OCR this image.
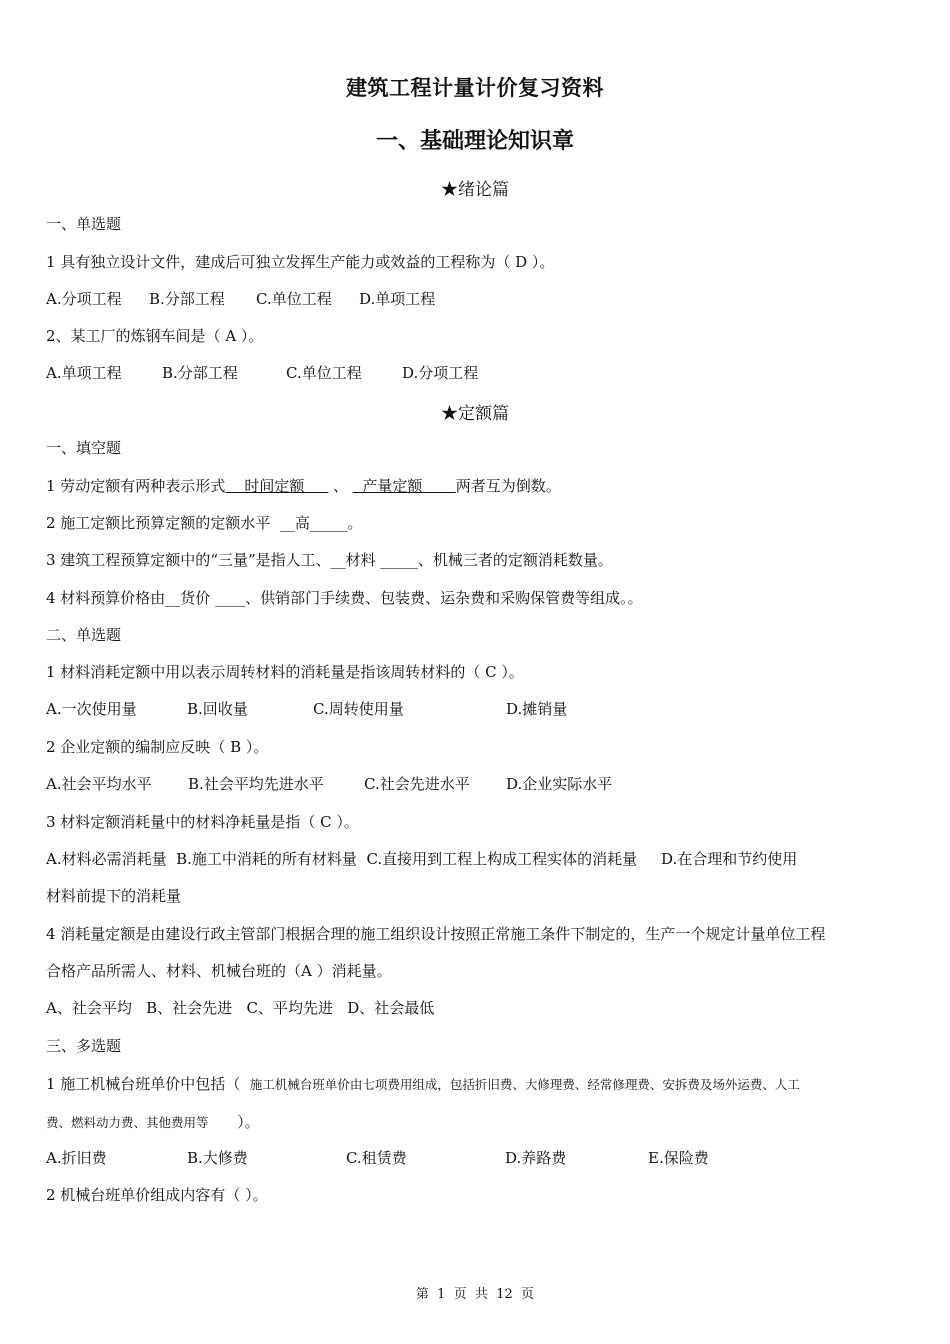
建筑工程计量计价复习资料
一、基础理论知识章
★绪论篇
一、单选题
1 具有独立设计文件，建成后可独立发挥生产能力或效益的工程称为（ D ）。
A.分项工程 B.分部工程 C.单位工程 D.单项工程
2、某工厂的炼钢车间是（ A ）。
A.单项工程	B.分部工程	C.单位工程	D.分项工程
★定额篇
一、填空题
1 劳动定额有两种表示形式    时间定额      、   产量定额       两者互为倒数。
2 施工定额比预算定额的定额水平  __高_____。
3 建筑工程预算定额中的“三量”是指人工、__材料 _____、机械三者的定额消耗数量。
4 材料预算价格由__货价 ____、供销部门手续费、包装费、运杂费和采购保管费等组成。。
二、单选题
1 材料消耗定额中用以表示周转材料的消耗量是指该周转材料的（ C ）。
A.一次使用量	B.回收量	C.周转使用量	D.摊销量
2 企业定额的编制应反映（ B ）。
A.社会平均水平 B.社会平均先进水平	C.社会先进水平 D.企业实际水平
3 材料定额消耗量中的材料净耗量是指（ C ）。
A.材料必需消耗量  B.施工中消耗的所有材料量  C.直接用到工程上构成工程实体的消耗量     D.在合理和节约使用
材料前提下的消耗量
4 消耗量定额是由建设行政主管部门根据合理的施工组织设计按照正常施工条件下制定的，生产一个规定计量单位工程
合格产品所需人、材料、机械台班的（A ）消耗量。
A、社会平均   B、社会先进   C、平均先进   D、社会最低
三、多选题
1 施工机械台班单价中包括（  施工机械台班单价由七项费用组成，包括折旧费、大修理费、经常修理费、安拆费及场外运费、人工
费、燃料动力费、其他费用等      ）。
A.折旧费	B.大修费	C.租赁费	D.养路费	E.保险费
2 机械台班单价组成内容有（ ）。
第  1  页  共  12  页
